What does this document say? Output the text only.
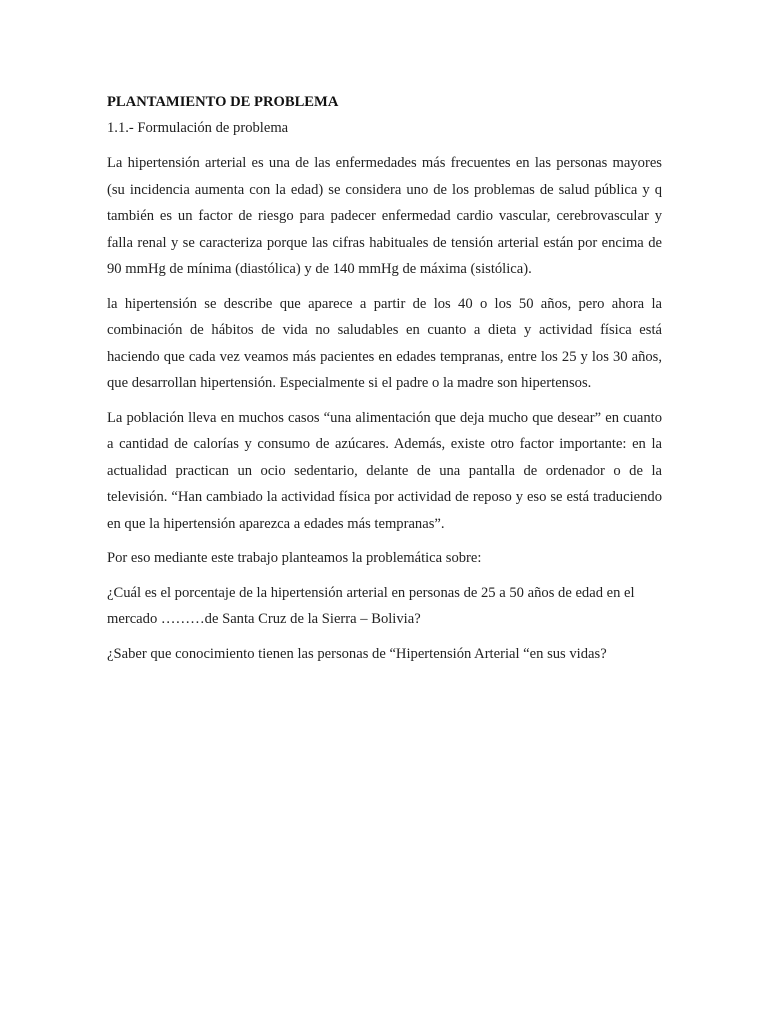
PLANTAMIENTO DE PROBLEMA
1.1.- Formulación de problema

La hipertensión arterial es una de las enfermedades más frecuentes en las personas mayores (su incidencia aumenta con la edad) se considera uno de los problemas de salud pública y q también es un factor de riesgo para padecer enfermedad cardio vascular, cerebrovascular y falla renal y se caracteriza porque las cifras habituales de tensión arterial están por encima de 90 mmHg de mínima (diastólica) y de 140 mmHg de máxima (sistólica).

la hipertensión se describe que aparece a partir de los 40 o los 50 años, pero ahora la combinación de hábitos de vida no saludables en cuanto a dieta y actividad física está haciendo que cada vez veamos más pacientes en edades tempranas, entre los 25 y los 30 años, que desarrollan hipertensión. Especialmente si el padre o la madre son hipertensos.

La población lleva en muchos casos “una alimentación que deja mucho que desear” en cuanto a cantidad de calorías y consumo de azúcares. Además, existe otro factor importante: en la actualidad practican un ocio sedentario, delante de una pantalla de ordenador o de la televisión. “Han cambiado la actividad física por actividad de reposo y eso se está traduciendo en que la hipertensión aparezca a edades más tempranas”.

Por eso mediante este trabajo planteamos la problemática sobre:

¿Cuál es el porcentaje de la hipertensión arterial en personas de 25 a 50 años de edad en el mercado ………de Santa Cruz de la Sierra – Bolivia?

¿Saber que conocimiento tienen las personas de “Hipertensión Arterial “en sus vidas?
